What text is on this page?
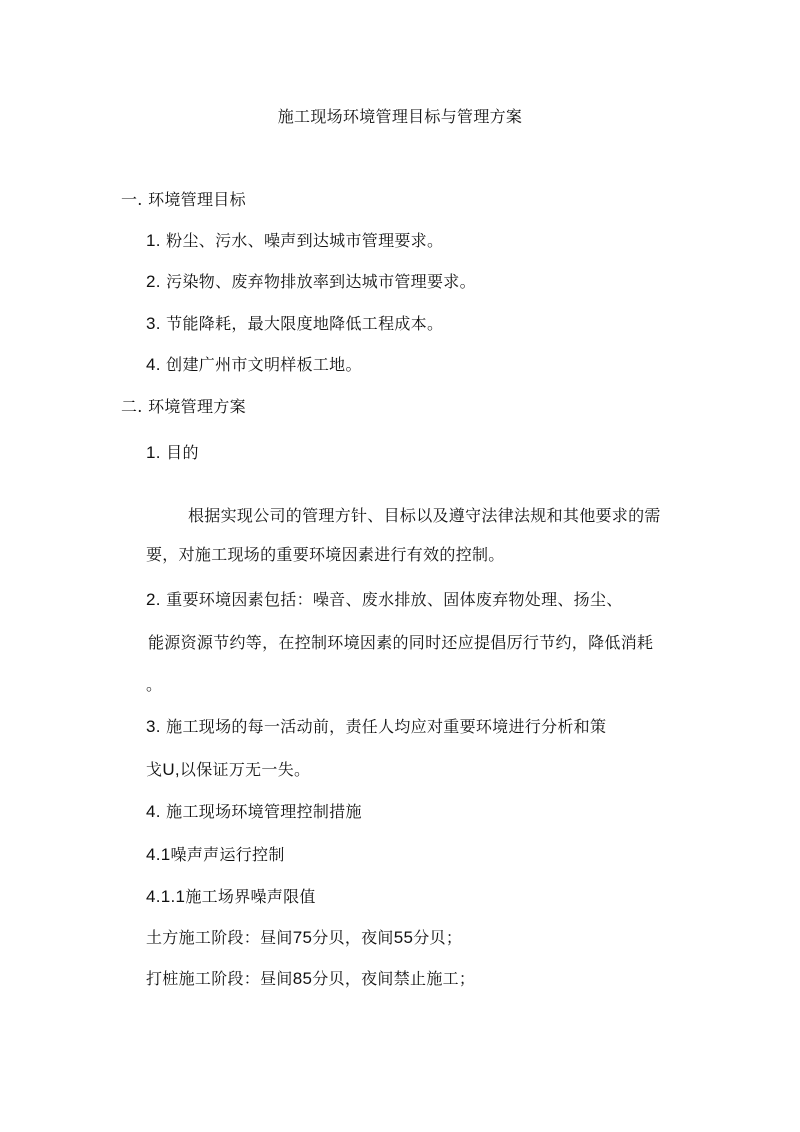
施工现场环境管理目标与管理方案
一. 环境管理目标
1. 粉尘、污水、噪声到达城市管理要求。
2. 污染物、废弃物排放率到达城市管理要求。
3. 节能降耗，最大限度地降低工程成本。
4. 创建广州市文明样板工地。
二. 环境管理方案
1. 目的
根据实现公司的管理方针、目标以及遵守法律法规和其他要求的需
要，对施工现场的重要环境因素进行有效的控制。
2. 重要环境因素包括：噪音、废水排放、固体废弃物处理、扬尘、
能源资源节约等，在控制环境因素的同时还应提倡厉行节约，降低消耗
。
3. 施工现场的每一活动前，责任人均应对重要环境进行分析和策
戈U,以保证万无一失。
4. 施工现场环境管理控制措施
4.1噪声声运行控制
4.1.1施工场界噪声限值
土方施工阶段：昼间75分贝，夜间55分贝；
打桩施工阶段：昼间85分贝，夜间禁止施工；
